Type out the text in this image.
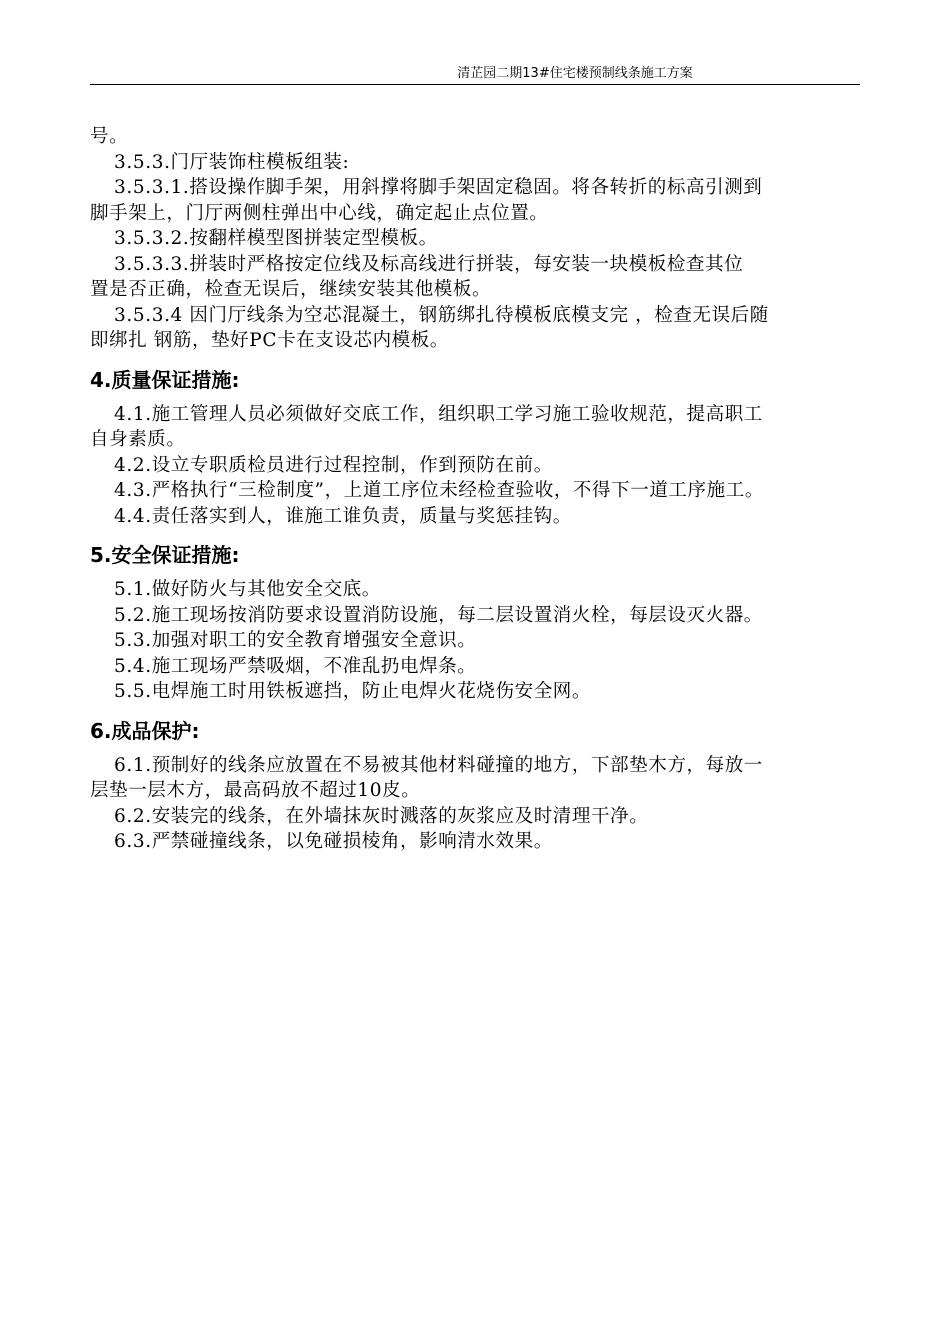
清芷园二期13#住宅楼预制线条施工方案

号。

3.5.3.门厅装饰柱模板组装:

3.5.3.1.搭设操作脚手架，用斜撑将脚手架固定稳固。将各转折的标高引测到

脚手架上，门厅两侧柱弹出中心线，确定起止点位置。

3.5.3.2.按翻样模型图拼装定型模板。

3.5.3.3.拼装时严格按定位线及标高线进行拼装，每安装一块模板检查其位

置是否正确，检查无误后，继续安装其他模板。

3.5.3.4 因门厅线条为空芯混凝土，钢筋绑扎待模板底模支完 ，检查无误后随

即绑扎 钢筋，垫好PC卡在支设芯内模板。

4.质量保证措施:

4.1.施工管理人员必须做好交底工作，组织职工学习施工验收规范，提高职工

自身素质。

4.2.设立专职质检员进行过程控制，作到预防在前。

4.3.严格执行“三检制度”，上道工序位未经检查验收，不得下一道工序施工。

4.4.责任落实到人，谁施工谁负责，质量与奖惩挂钩。

5.安全保证措施:

5.1.做好防火与其他安全交底。

5.2.施工现场按消防要求设置消防设施，每二层设置消火栓，每层设灭火器。

5.3.加强对职工的安全教育增强安全意识。

5.4.施工现场严禁吸烟，不准乱扔电焊条。

5.5.电焊施工时用铁板遮挡，防止电焊火花烧伤安全网。

6.成品保护:

6.1.预制好的线条应放置在不易被其他材料碰撞的地方，下部垫木方，每放一

层垫一层木方，最高码放不超过10皮。

6.2.安装完的线条，在外墙抹灰时溅落的灰浆应及时清理干净。

6.3.严禁碰撞线条，以免碰损棱角，影响清水效果。
